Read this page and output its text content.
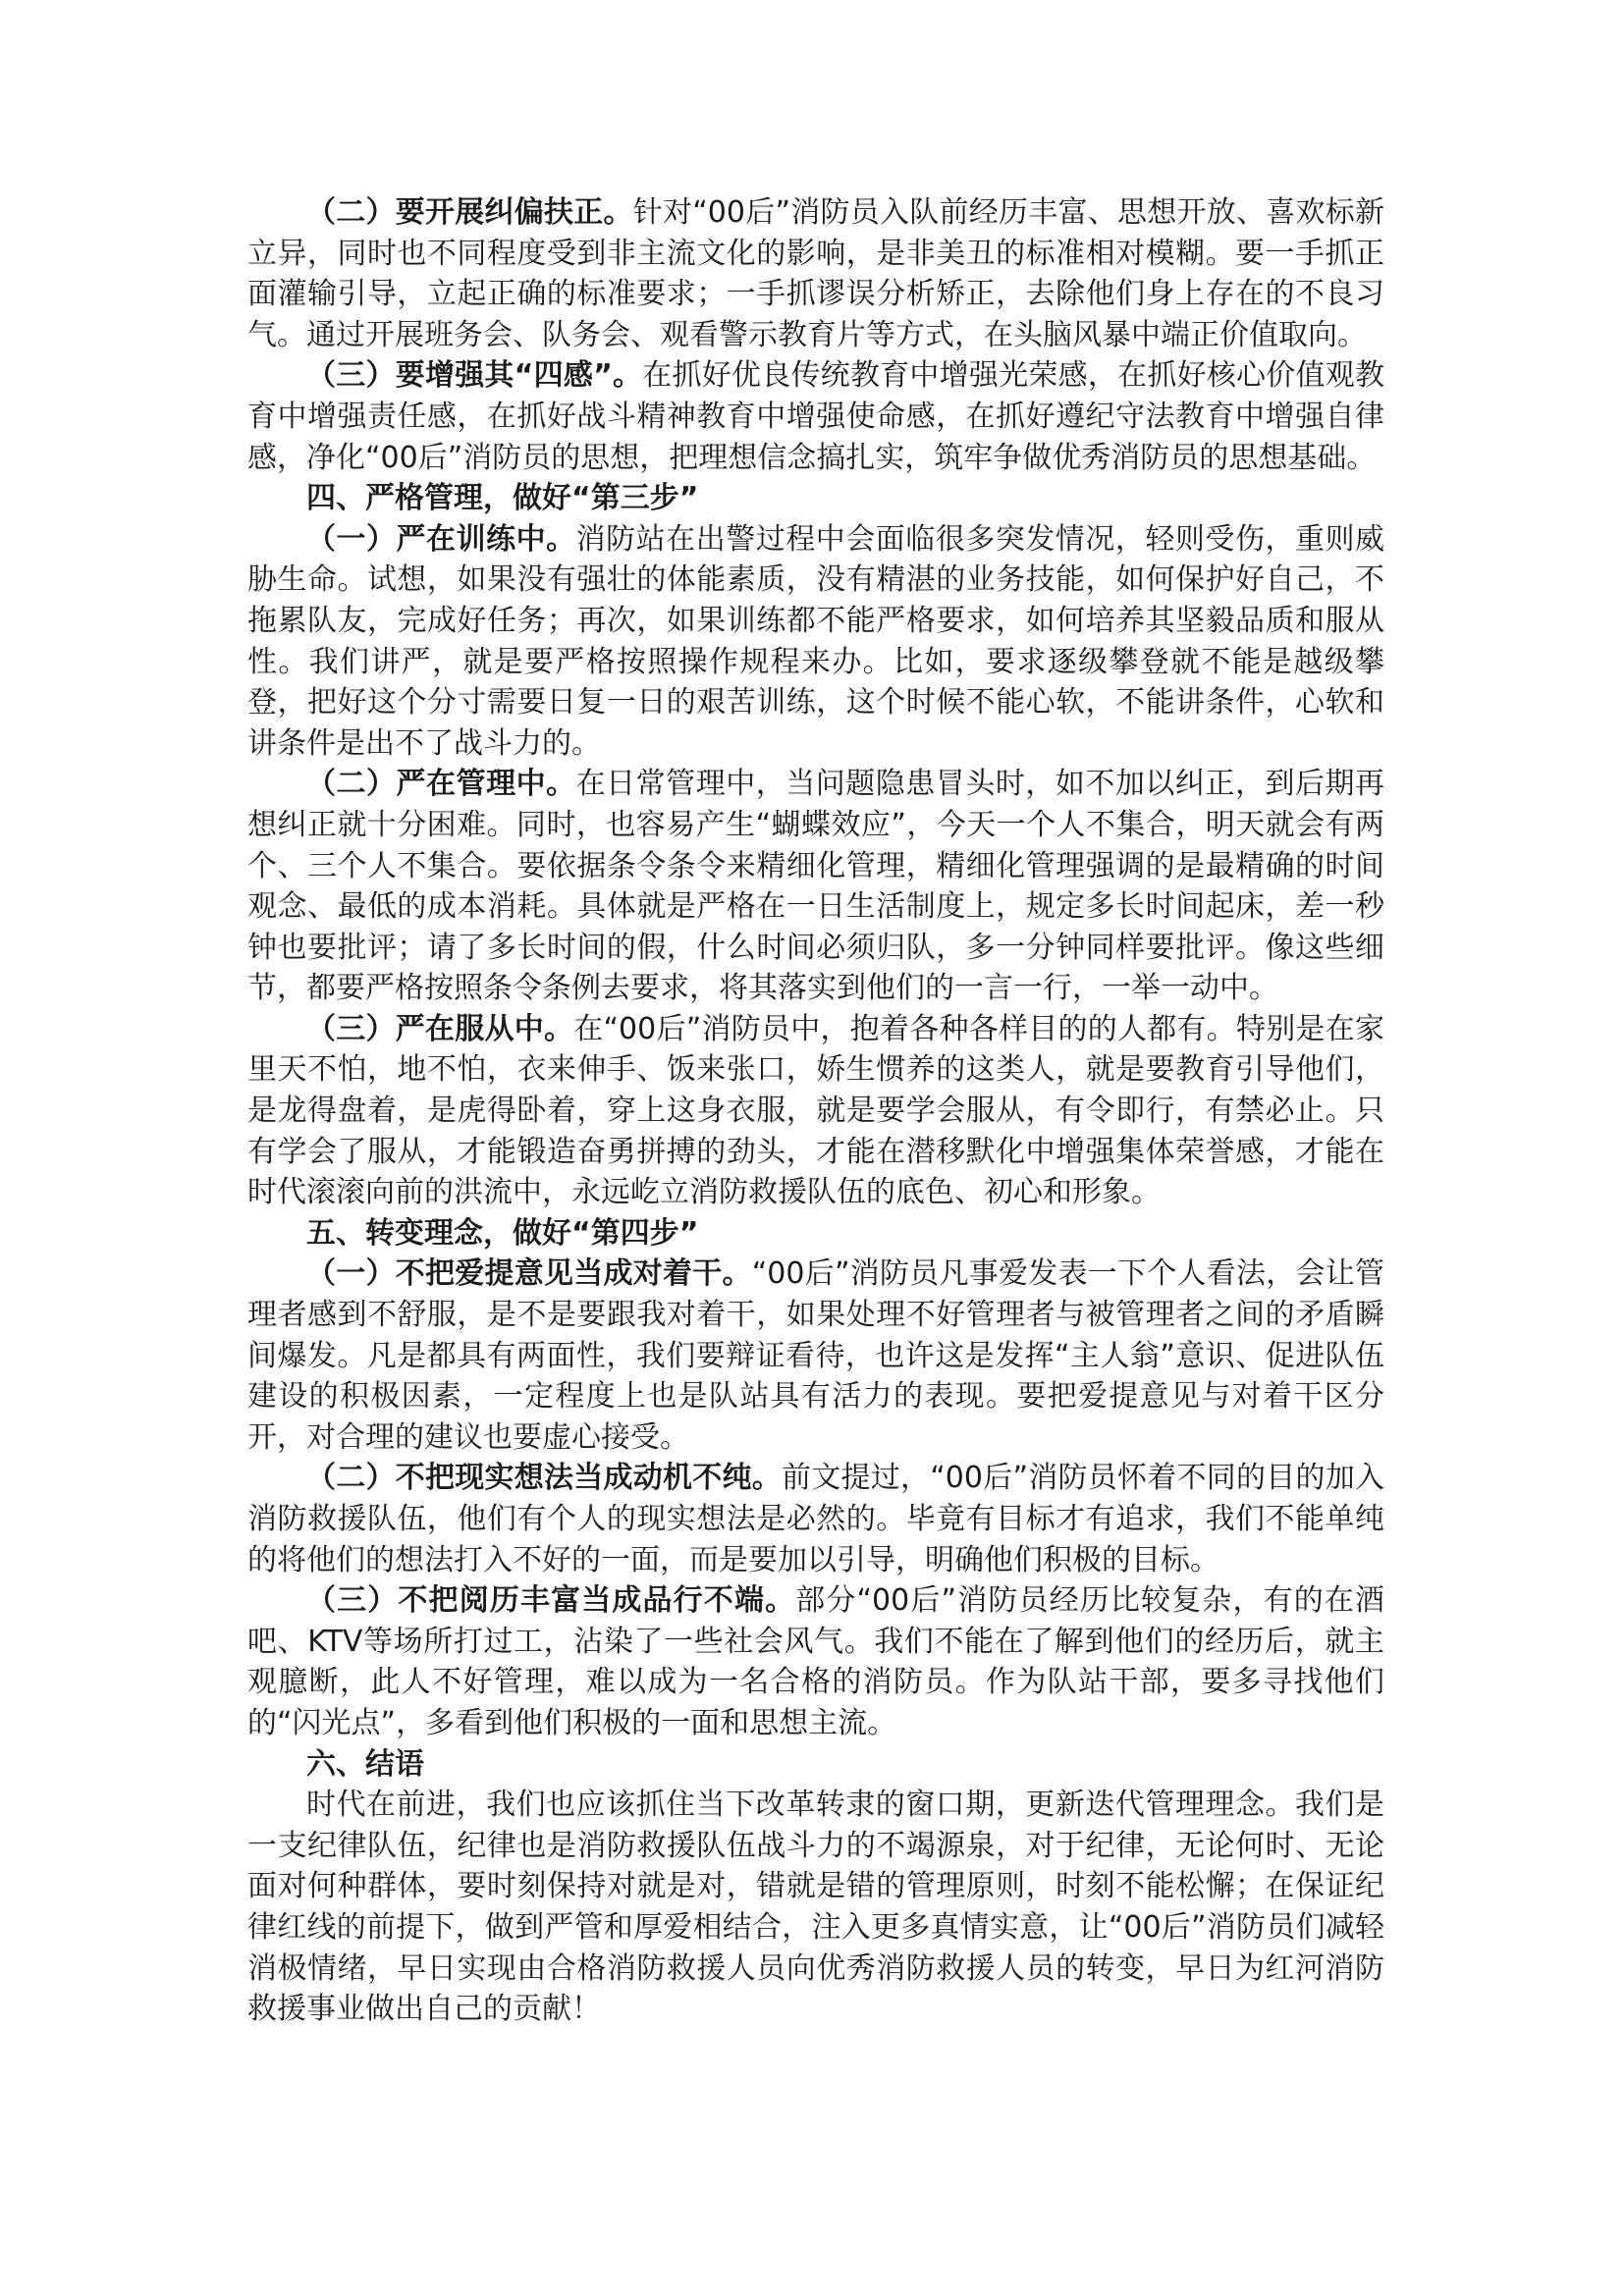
（二）要开展纠偏扶正。针对“00后”消防员入队前经历丰富、思想开放、喜欢标新立异，同时也不同程度受到非主流文化的影响，是非美丑的标准相对模糊。要一手抓正面灌输引导，立起正确的标准要求；一手抓谬误分析矫正，去除他们身上存在的不良习气。通过开展班务会、队务会、观看警示教育片等方式，在头脑风暴中端正价值取向。

（三）要增强其“四感”。在抓好优良传统教育中增强光荣感，在抓好核心价值观教育中增强责任感，在抓好战斗精神教育中增强使命感，在抓好遵纪守法教育中增强自律感，净化“00后”消防员的思想，把理想信念搞扎实，筑牢争做优秀消防员的思想基础。

四、严格管理，做好“第三步”

（一）严在训练中。消防站在出警过程中会面临很多突发情况，轻则受伤，重则威胁生命。试想，如果没有强壮的体能素质，没有精湛的业务技能，如何保护好自己，不拖累队友，完成好任务；再次，如果训练都不能严格要求，如何培养其坚毅品质和服从性。我们讲严，就是要严格按照操作规程来办。比如，要求逐级攀登就不能是越级攀登，把好这个分寸需要日复一日的艰苦训练，这个时候不能心软，不能讲条件，心软和讲条件是出不了战斗力的。

（二）严在管理中。在日常管理中，当问题隐患冒头时，如不加以纠正，到后期再想纠正就十分困难。同时，也容易产生“蝴蝶效应”，今天一个人不集合，明天就会有两个、三个人不集合。要依据条令条令来精细化管理，精细化管理强调的是最精确的时间观念、最低的成本消耗。具体就是严格在一日生活制度上，规定多长时间起床，差一秒钟也要批评；请了多长时间的假，什么时间必须归队，多一分钟同样要批评。像这些细节，都要严格按照条令条例去要求，将其落实到他们的一言一行，一举一动中。

（三）严在服从中。在“00后”消防员中，抱着各种各样目的的人都有。特别是在家里天不怕，地不怕，衣来伸手、饭来张口，娇生惯养的这类人，就是要教育引导他们，是龙得盘着，是虎得卧着，穿上这身衣服，就是要学会服从，有令即行，有禁必止。只有学会了服从，才能锻造奋勇拼搏的劲头，才能在潜移默化中增强集体荣誉感，才能在时代滚滚向前的洪流中，永远屹立消防救援队伍的底色、初心和形象。

五、转变理念，做好“第四步”

（一）不把爱提意见当成对着干。“00后”消防员凡事爱发表一下个人看法，会让管理者感到不舒服，是不是要跟我对着干，如果处理不好管理者与被管理者之间的矛盾瞬间爆发。凡是都具有两面性，我们要辩证看待，也许这是发挥“主人翁”意识、促进队伍建设的积极因素，一定程度上也是队站具有活力的表现。要把爱提意见与对着干区分开，对合理的建议也要虚心接受。

（二）不把现实想法当成动机不纯。前文提过，“00后”消防员怀着不同的目的加入消防救援队伍，他们有个人的现实想法是必然的。毕竟有目标才有追求，我们不能单纯的将他们的想法打入不好的一面，而是要加以引导，明确他们积极的目标。

（三）不把阅历丰富当成品行不端。部分“00后”消防员经历比较复杂，有的在酒吧、KTV等场所打过工，沾染了一些社会风气。我们不能在了解到他们的经历后，就主观臆断，此人不好管理，难以成为一名合格的消防员。作为队站干部，要多寻找他们的“闪光点”，多看到他们积极的一面和思想主流。

六、结语

时代在前进，我们也应该抓住当下改革转隶的窗口期，更新迭代管理理念。我们是一支纪律队伍，纪律也是消防救援队伍战斗力的不竭源泉，对于纪律，无论何时、无论面对何种群体，要时刻保持对就是对，错就是错的管理原则，时刻不能松懈；在保证纪律红线的前提下，做到严管和厚爱相结合，注入更多真情实意，让“00后”消防员们减轻消极情绪，早日实现由合格消防救援人员向优秀消防救援人员的转变，早日为红河消防救援事业做出自己的贡献！
